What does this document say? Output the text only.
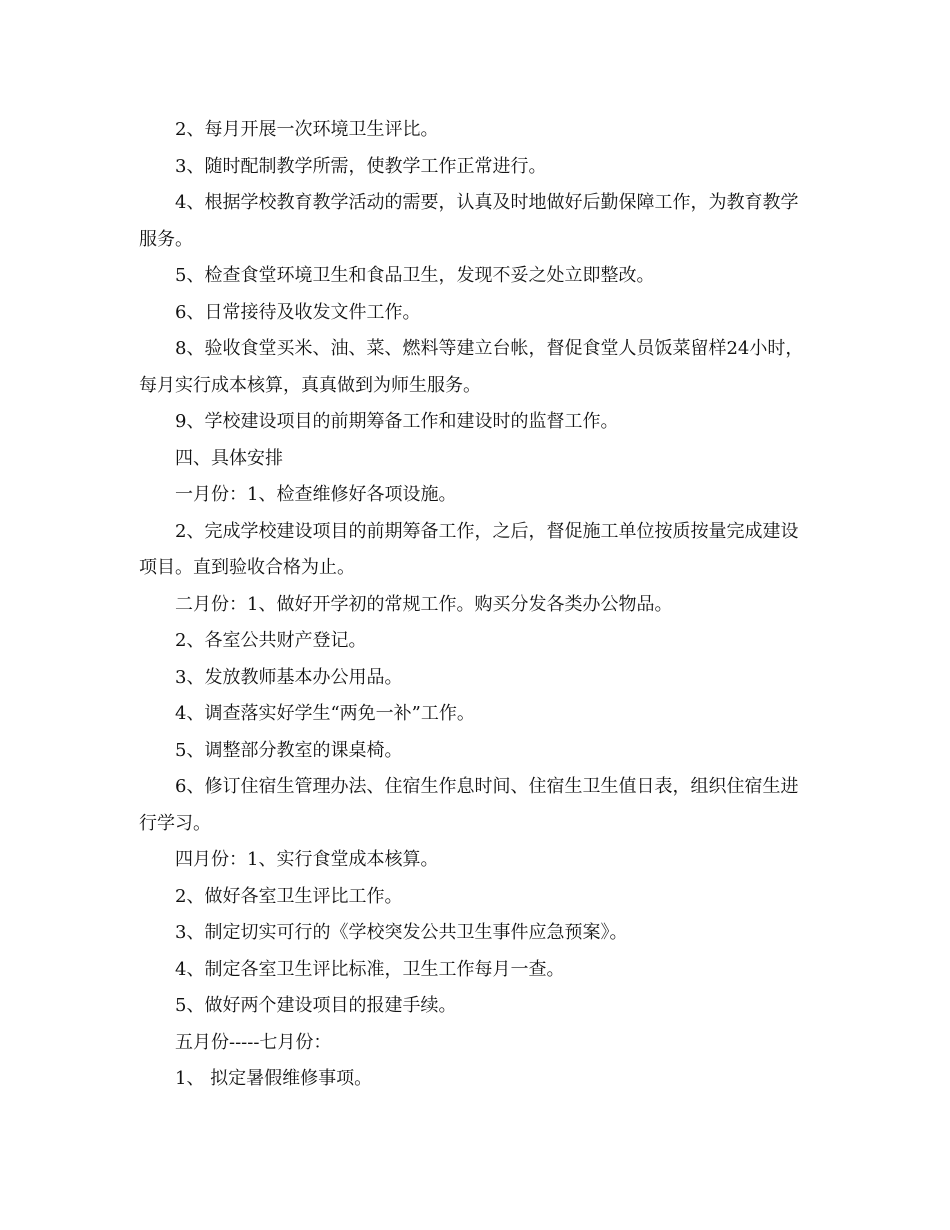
2、每月开展一次环境卫生评比。

3、随时配制教学所需，使教学工作正常进行。

4、根据学校教育教学活动的需要，认真及时地做好后勤保障工作，为教育教学服务。

5、检查食堂环境卫生和食品卫生，发现不妥之处立即整改。

6、日常接待及收发文件工作。

8、验收食堂买米、油、菜、燃料等建立台帐，督促食堂人员饭菜留样24小时，每月实行成本核算，真真做到为师生服务。

9、学校建设项目的前期筹备工作和建设时的监督工作。

四、具体安排

一月份：1、检查维修好各项设施。

2、完成学校建设项目的前期筹备工作，之后，督促施工单位按质按量完成建设项目。直到验收合格为止。

二月份：1、做好开学初的常规工作。购买分发各类办公物品。

2、各室公共财产登记。

3、发放教师基本办公用品。

4、调查落实好学生“两免一补”工作。

5、调整部分教室的课桌椅。

6、修订住宿生管理办法、住宿生作息时间、住宿生卫生值日表，组织住宿生进行学习。

四月份：1、实行食堂成本核算。

2、做好各室卫生评比工作。

3、制定切实可行的《学校突发公共卫生事件应急预案》。

4、制定各室卫生评比标准，卫生工作每月一查。

5、做好两个建设项目的报建手续。

五月份-----七月份：

1、 拟定暑假维修事项。
